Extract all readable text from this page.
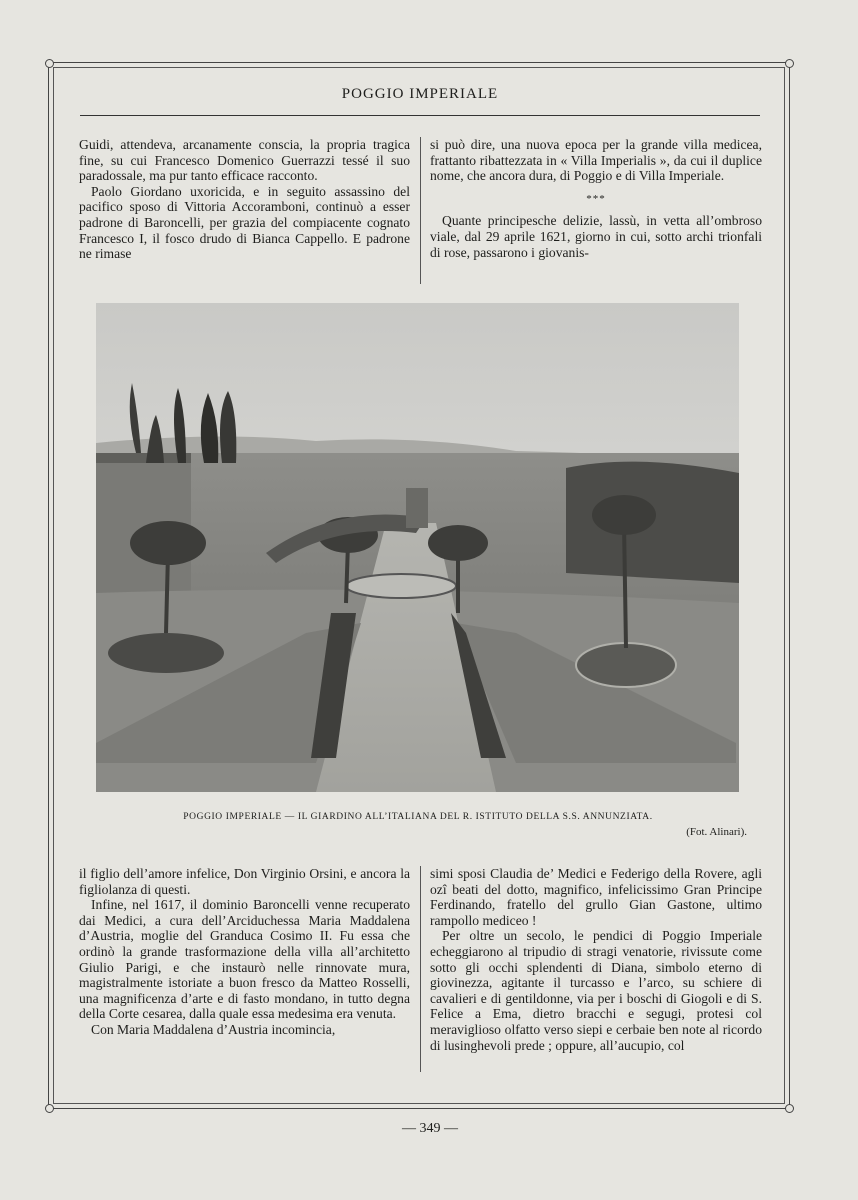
POGGIO IMPERIALE

Guidi, attendeva, arcanamente conscia, la propria tragica fine, su cui Francesco Domenico Guerrazzi tessé il suo paradossale, ma pur tanto efficace racconto.

Paolo Giordano uxoricida, e in seguito assassino del pacifico sposo di Vittoria Accoramboni, continuò a esser padrone di Baroncelli, per grazia del compiacente cognato Francesco I, il fosco drudo di Bianca Cappello. E padrone ne rimase

si può dire, una nuova epoca per la grande villa medicea, frattanto ribattezzata in « Villa Imperialis », da cui il duplice nome, che ancora dura, di Poggio e di Villa Imperiale.

***

Quante principesche delizie, lassù, in vetta all’ombroso viale, dal 29 aprile 1621, giorno in cui, sotto archi trionfali di rose, passarono i giovanis-

POGGIO IMPERIALE — IL GIARDINO ALL’ITALIANA DEL R. ISTITUTO DELLA S.S. ANNUNZIATA.
(Fot. Alinari).

il figlio dell’amore infelice, Don Virginio Orsini, e ancora la figliolanza di questi.

Infine, nel 1617, il dominio Baroncelli venne recuperato dai Medici, a cura dell’Arciduchessa Maria Maddalena d’Austria, moglie del Granduca Cosimo II. Fu essa che ordinò la grande trasformazione della villa all’architetto Giulio Parigi, e che instaurò nelle rinnovate mura, magistralmente istoriate a buon fresco da Matteo Rosselli, una magnificenza d’arte e di fasto mondano, in tutto degna della Corte cesarea, dalla quale essa medesima era venuta.

Con Maria Maddalena d’Austria incomincia,

simi sposi Claudia de’ Medici e Federigo della Rovere, agli ozî beati del dotto, magnifico, infelicissimo Gran Principe Ferdinando, fratello del grullo Gian Gastone, ultimo rampollo mediceo !

Per oltre un secolo, le pendici di Poggio Imperiale echeggiarono al tripudio di stragi venatorie, rivissute come sotto gli occhi splendenti di Diana, simbolo eterno di giovinezza, agitante il turcasso e l’arco, su schiere di cavalieri e di gentildonne, via per i boschi di Giogoli e di S. Felice a Ema, dietro bracchi e segugi, protesi col meraviglioso olfatto verso siepi e cerbaie ben note al ricordo di lusinghevoli prede ; oppure, all’aucupio, col

— 349 —
